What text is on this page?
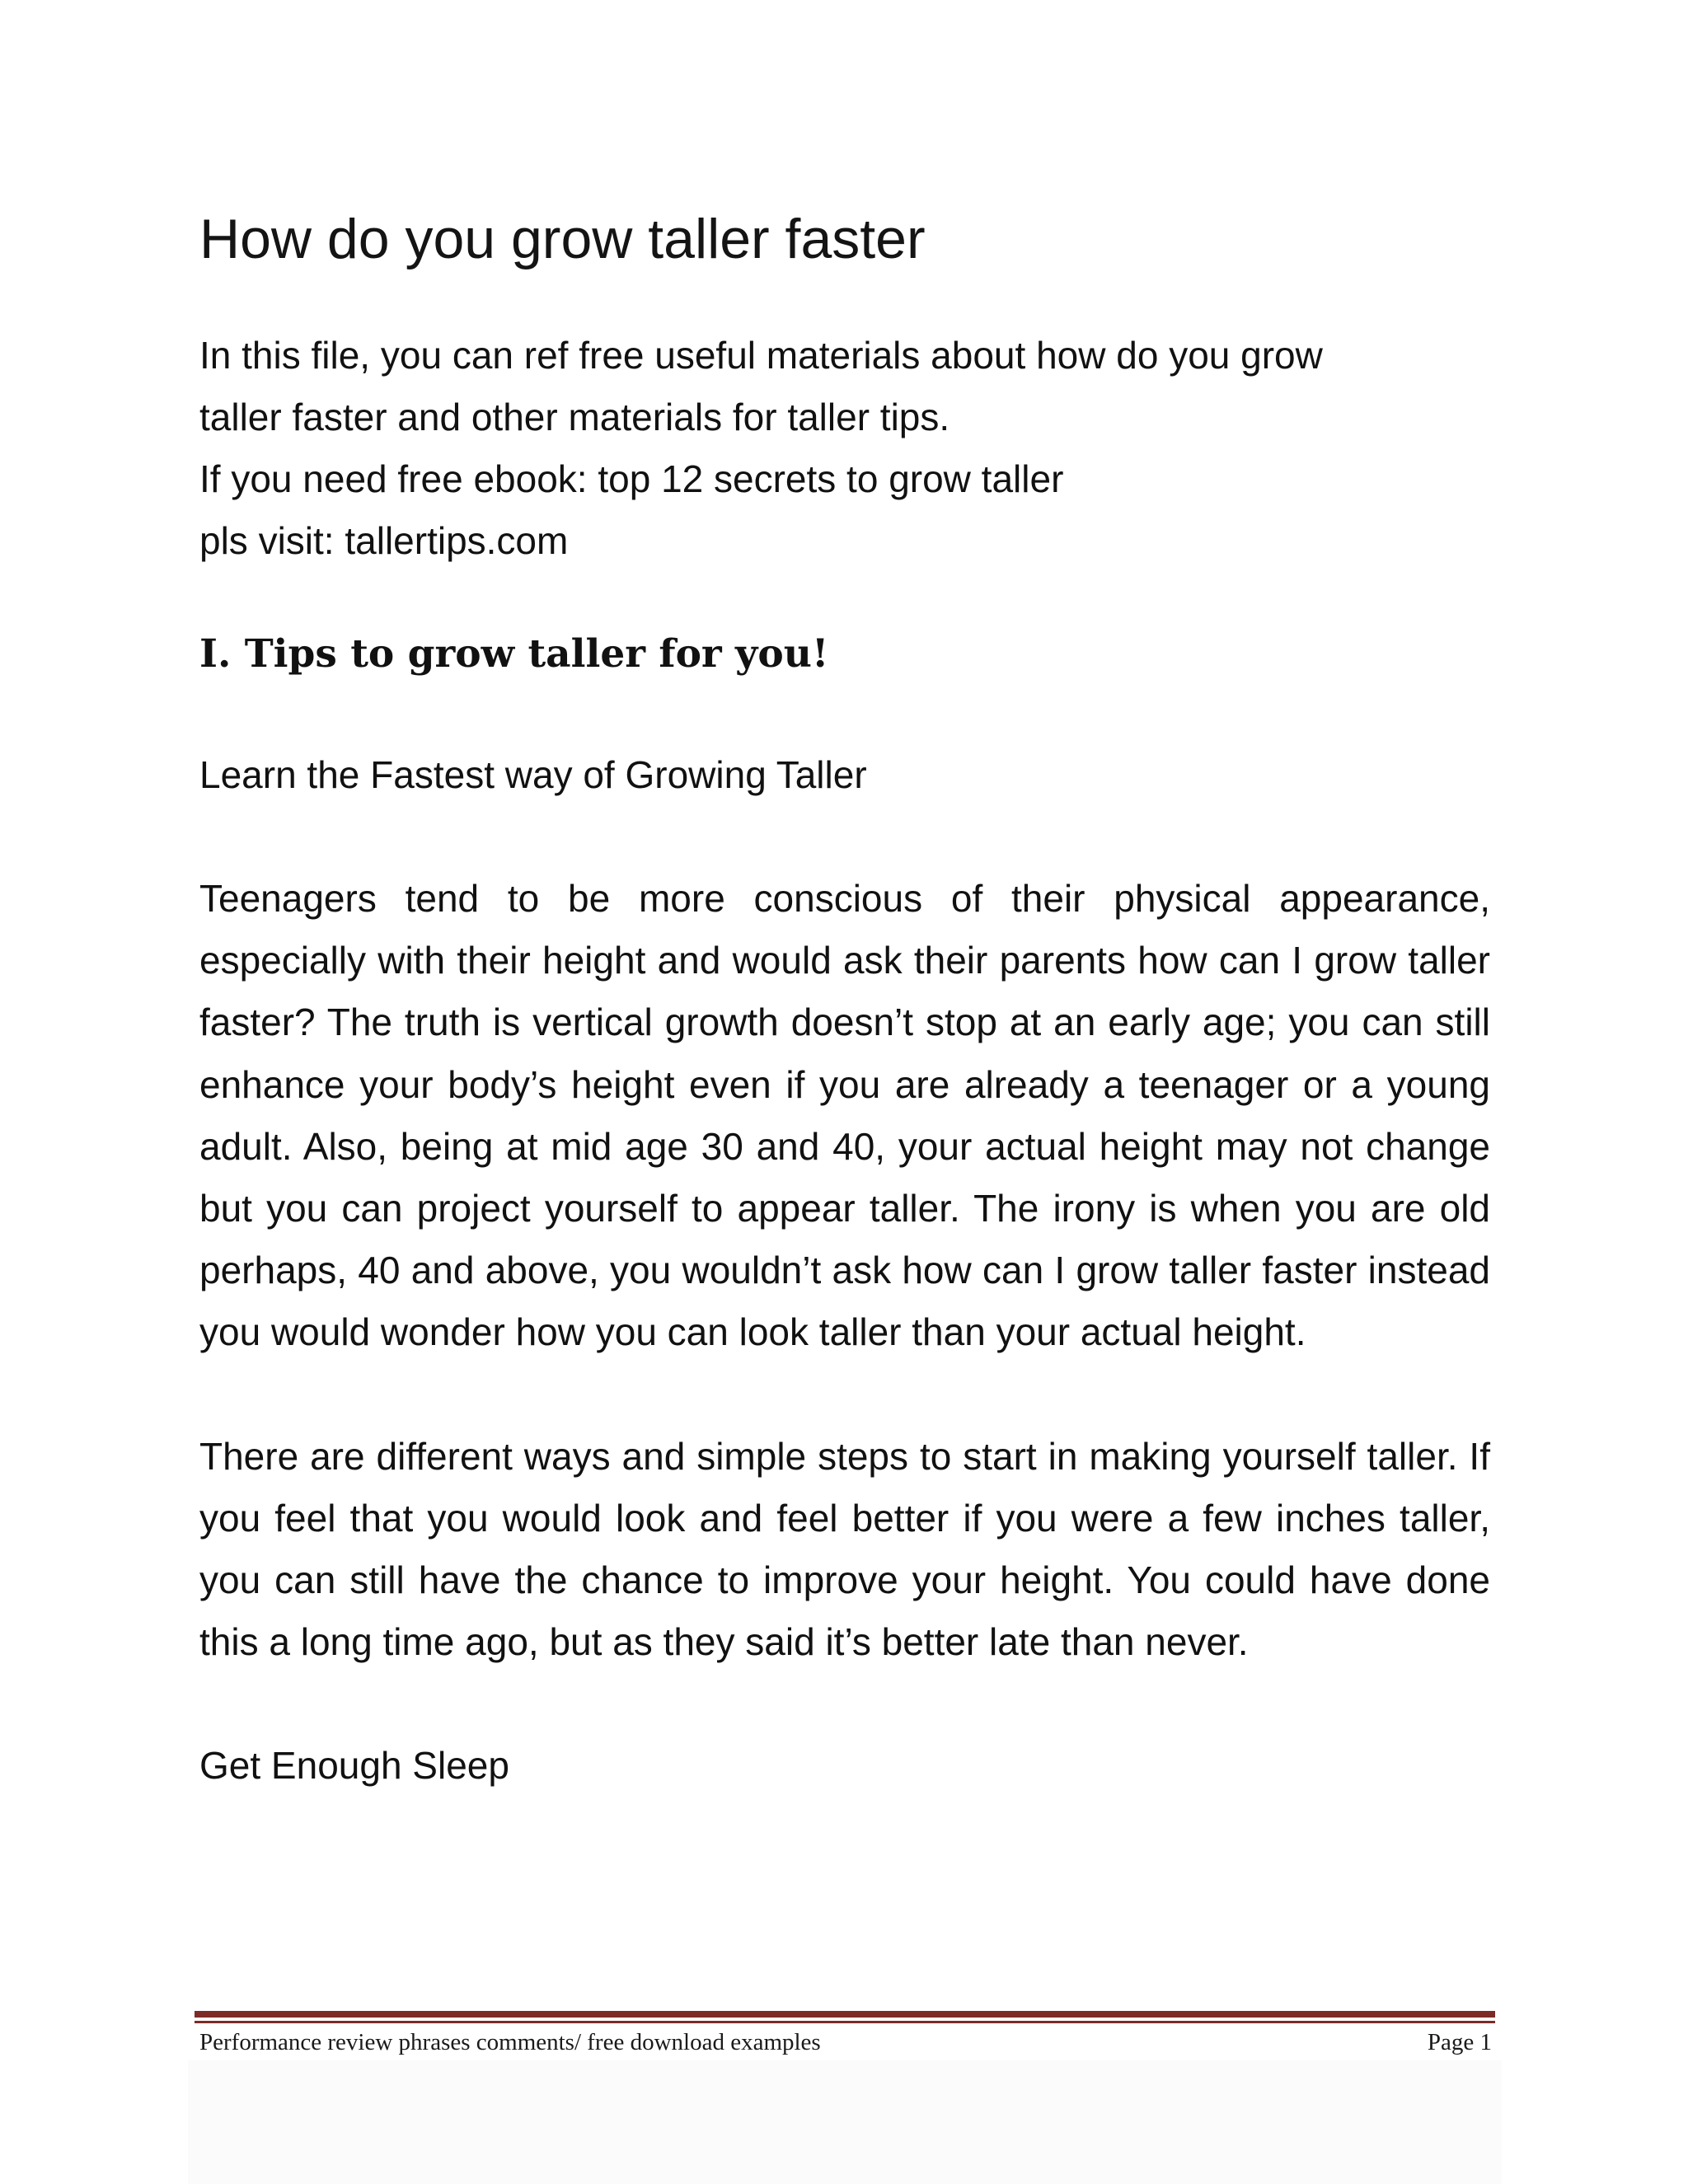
How do you grow taller faster
In this file, you can ref free useful materials about how do you grow
taller faster and other materials for taller tips.
If you need free ebook: top 12 secrets to grow taller
pls visit: tallertips.com
I. Tips to grow taller for you!
Learn the Fastest way of Growing Taller
Teenagers tend to be more conscious of their physical appearance, especially with their height and would ask their parents how can I grow taller faster? The truth is vertical growth doesn’t stop at an early age; you can still enhance your body’s height even if you are already a teenager or a young adult. Also, being at mid age 30 and 40, your actual height may not change but you can project yourself to appear taller. The irony is when you are old perhaps, 40 and above, you wouldn’t ask how can I grow taller faster instead you would wonder how you can look taller than your actual height.
There are different ways and simple steps to start in making yourself taller. If you feel that you would look and feel better if you were a few inches taller, you can still have the chance to improve your height. You could have done this a long time ago, but as they said it’s better late than never.
Get Enough Sleep
Performance review phrases comments/ free download examples	Page 1
